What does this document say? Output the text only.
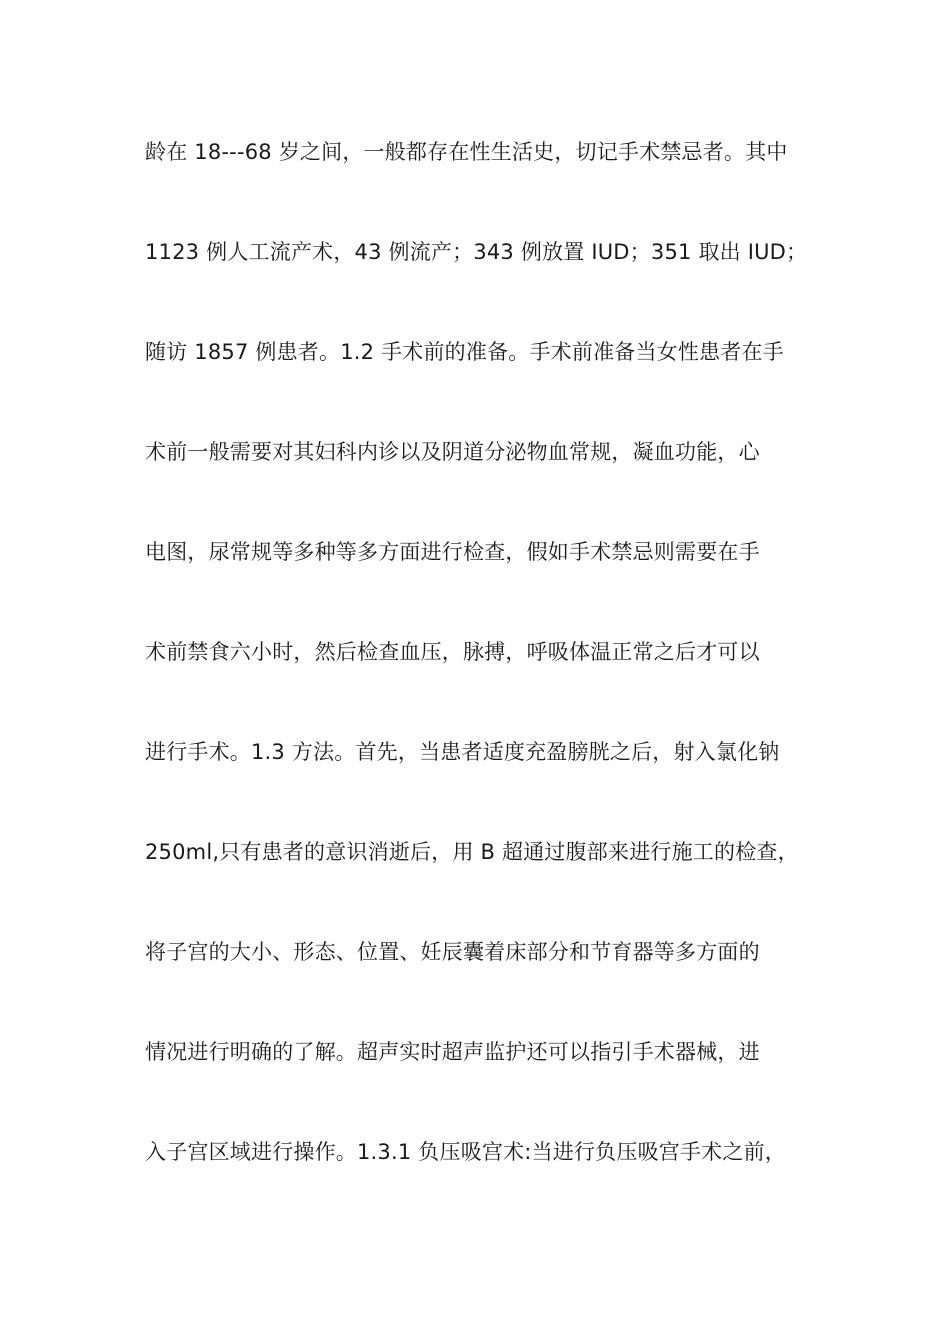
龄在 18---68 岁之间，一般都存在性生活史，切记手术禁忌者。其中
1123 例人工流产术，43 例流产；343 例放置 IUD；351 取出 IUD；
随访 1857 例患者。1.2 手术前的准备。手术前准备当女性患者在手
术前一般需要对其妇科内诊以及阴道分泌物血常规，凝血功能，心
电图，尿常规等多种等多方面进行检查，假如手术禁忌则需要在手
术前禁食六小时，然后检查血压，脉搏，呼吸体温正常之后才可以
进行手术。1.3 方法。首先，当患者适度充盈膀胱之后，射入氯化钠
250ml,只有患者的意识消逝后，用 B 超通过腹部来进行施工的检查，
将子宫的大小、形态、位置、妊辰囊着床部分和节育器等多方面的
情况进行明确的了解。超声实时超声监护还可以指引手术器械，进
入子宫区域进行操作。1.3.1 负压吸宫术:当进行负压吸宫手术之前，
